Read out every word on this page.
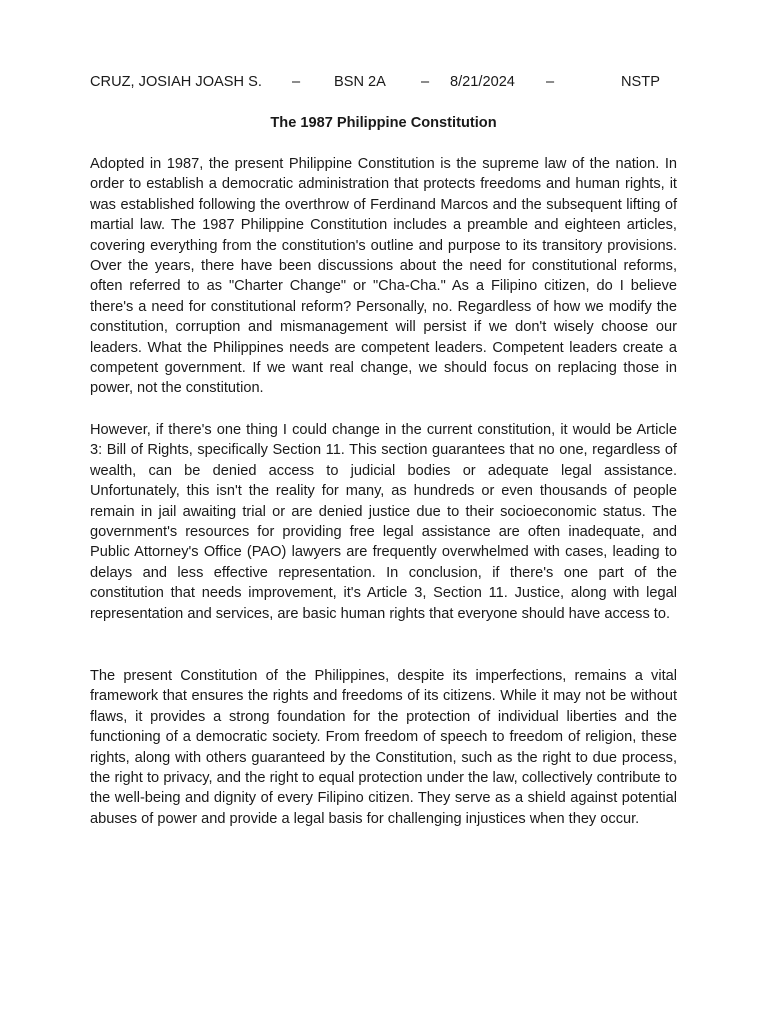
CRUZ, JOSIAH JOASH S. – BSN 2A – 8/21/2024 –	NSTP
The 1987 Philippine Constitution

Adopted in 1987, the present Philippine Constitution is the supreme law of the nation. In order to establish a democratic administration that protects freedoms and human rights, it was established following the overthrow of Ferdinand Marcos and the subsequent lifting of martial law. The 1987 Philippine Constitution includes a preamble and eighteen articles, covering everything from the constitution's outline and purpose to its transitory provisions. Over the years, there have been discussions about the need for constitutional reforms, often referred to as "Charter Change" or "Cha-Cha." As a Filipino citizen, do I believe there's a need for constitutional reform? Personally, no. Regardless of how we modify the constitution, corruption and mismanagement will persist if we don't wisely choose our leaders. What the Philippines needs are competent leaders. Competent leaders create a competent government. If we want real change, we should focus on replacing those in power, not the constitution.

However, if there's one thing I could change in the current constitution, it would be Article 3: Bill of Rights, specifically Section 11. This section guarantees that no one, regardless of wealth, can be denied access to judicial bodies or adequate legal assistance. Unfortunately, this isn't the reality for many, as hundreds or even thousands of people remain in jail awaiting trial or are denied justice due to their socioeconomic status. The government's resources for providing free legal assistance are often inadequate, and Public Attorney's Office (PAO) lawyers are frequently overwhelmed with cases, leading to delays and less effective representation. In conclusion, if there's one part of the constitution that needs improvement, it's Article 3, Section 11. Justice, along with legal representation and services, are basic human rights that everyone should have access to.

The present Constitution of the Philippines, despite its imperfections, remains a vital framework that ensures the rights and freedoms of its citizens. While it may not be without flaws, it provides a strong foundation for the protection of individual liberties and the functioning of a democratic society. From freedom of speech to freedom of religion, these rights, along with others guaranteed by the Constitution, such as the right to due process, the right to privacy, and the right to equal protection under the law, collectively contribute to the well-being and dignity of every Filipino citizen. They serve as a shield against potential abuses of power and provide a legal basis for challenging injustices when they occur.
